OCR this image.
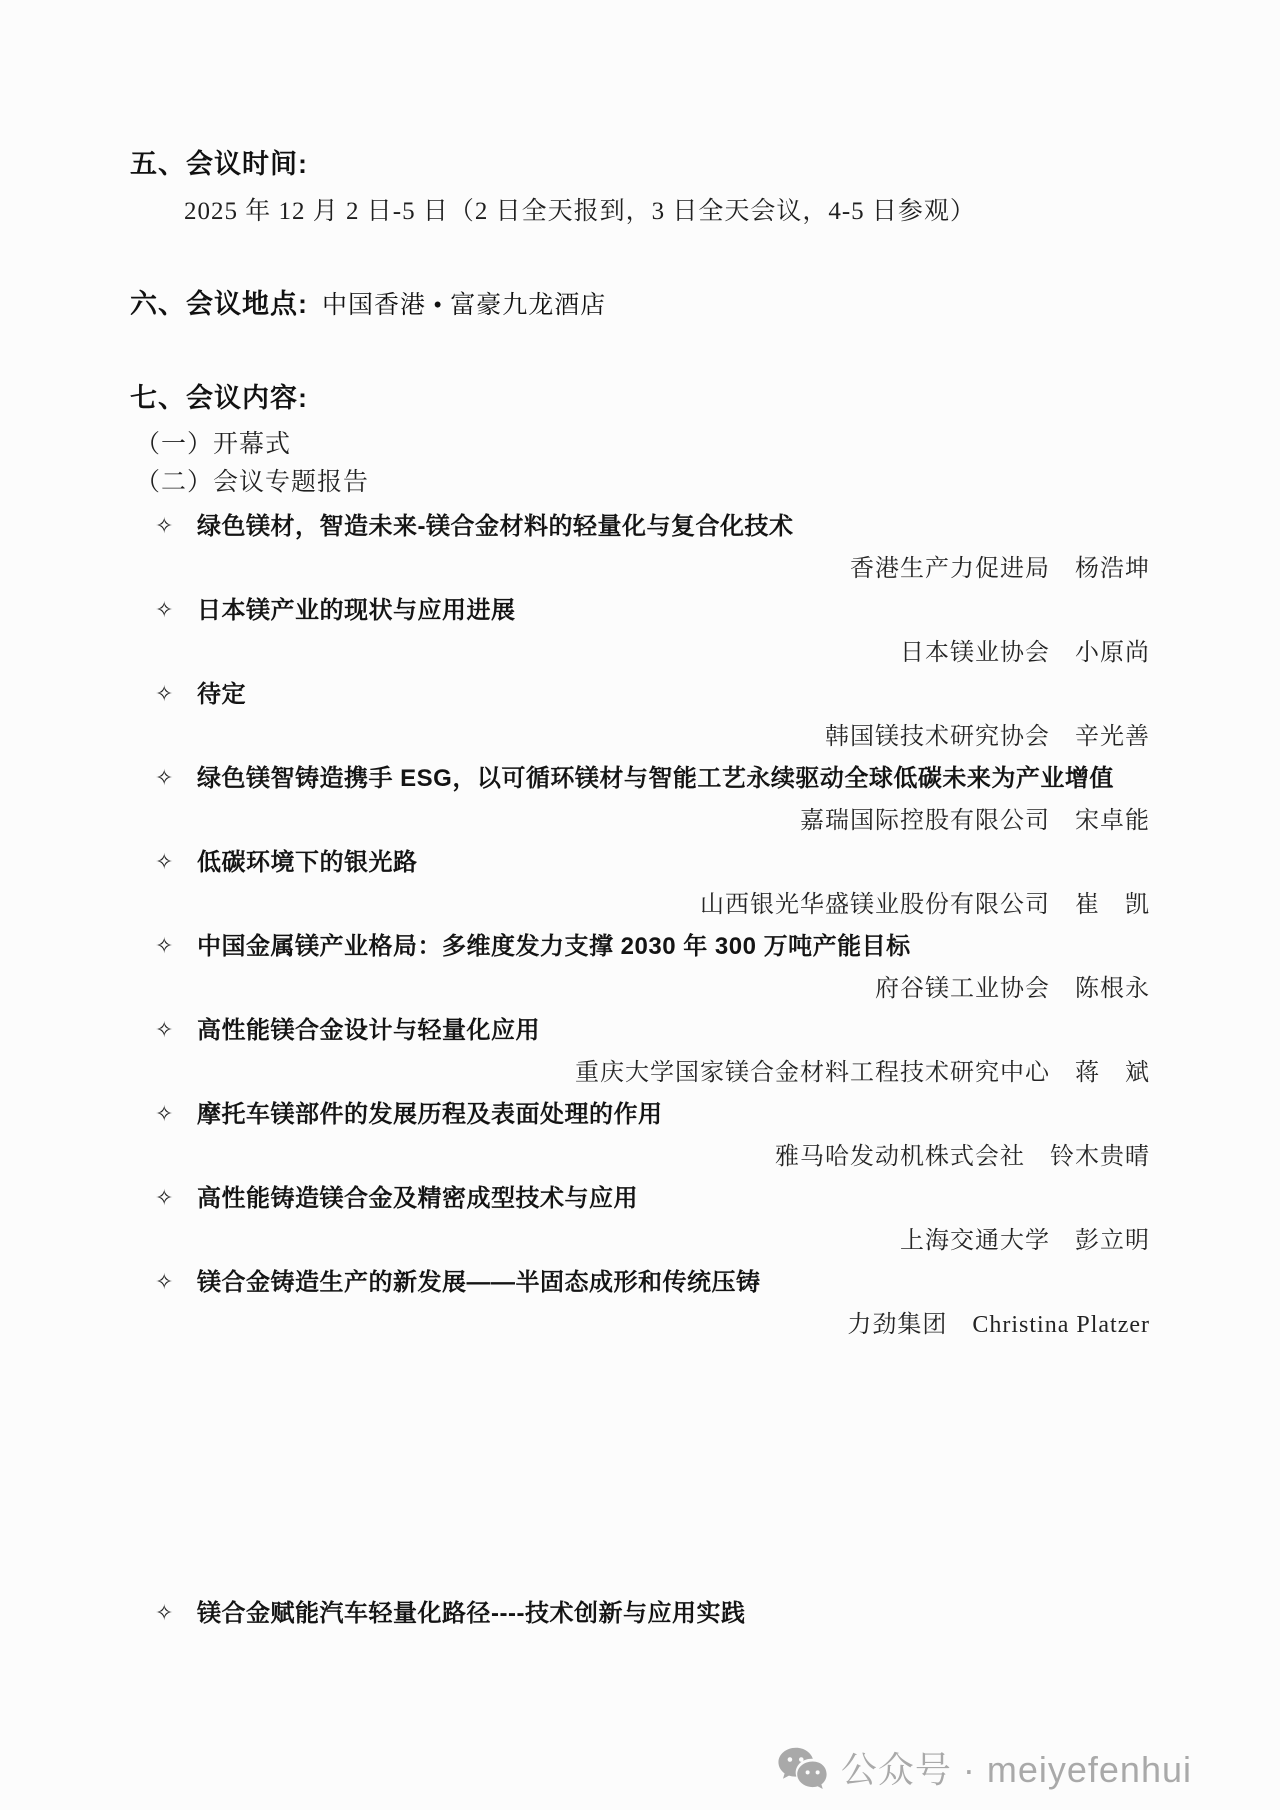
五、会议时间:

2025 年 12 月 2 日-5 日（2 日全天报到，3 日全天会议，4-5 日参观）

六、会议地点: 中国香港 • 富豪九龙酒店
七、会议内容:
（一）开幕式
（二）会议专题报告
✧ 绿色镁材，智造未来-镁合金材料的轻量化与复合化技术
香港生产力促进局　杨浩坤
✧ 日本镁产业的现状与应用进展
日本镁业协会　小原尚
✧ 待定
韩国镁技术研究协会　辛光善
✧ 绿色镁智铸造携手 ESG，以可循环镁材与智能工艺永续驱动全球低碳未来为产业增值
嘉瑞国际控股有限公司　宋卓能
✧ 低碳环境下的银光路
山西银光华盛镁业股份有限公司　崔　凯
✧ 中国金属镁产业格局：多维度发力支撑 2030 年 300 万吨产能目标
府谷镁工业协会　陈根永
✧ 高性能镁合金设计与轻量化应用
重庆大学国家镁合金材料工程技术研究中心　蒋　斌
✧ 摩托车镁部件的发展历程及表面处理的作用
雅马哈发动机株式会社　铃木贵晴
✧ 高性能铸造镁合金及精密成型技术与应用
上海交通大学　彭立明
✧ 镁合金铸造生产的新发展——半固态成形和传统压铸
力劲集团　Christina Platzer
✧ 镁合金赋能汽车轻量化路径----技术创新与应用实践
公众号 · meiyefenhui
